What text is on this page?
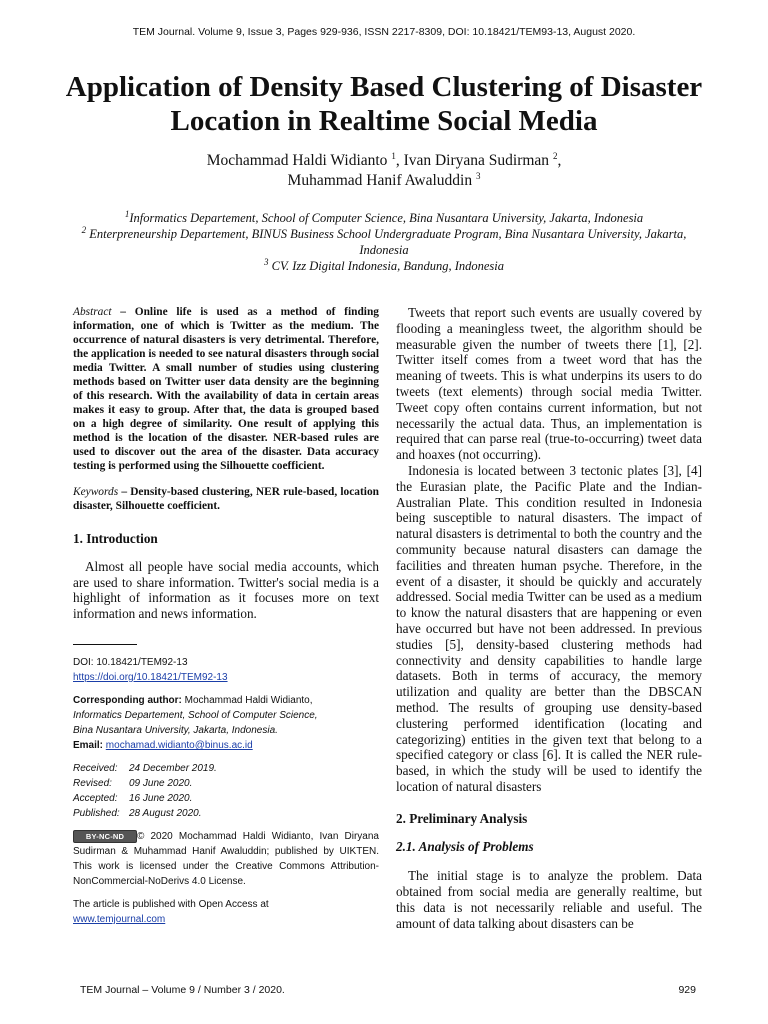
TEM Journal. Volume 9, Issue 3, Pages 929-936, ISSN 2217-8309, DOI: 10.18421/TEM93-13, August 2020.
Application of Density Based Clustering of Disaster Location in Realtime Social Media
Mochammad Haldi Widianto $^1$, Ivan Diryana Sudirman $^2$,
Muhammad Hanif Awaluddin $^3$

$^1$Informatics Departement, School of Computer Science, Bina Nusantara University, Jakarta, Indonesia

$^2$ Enterpreneurship Departement, BINUS Business School Undergraduate Program, Bina Nusantara University, Jakarta, Indonesia

$^3$ CV. Izz Digital Indonesia, Bandung, Indonesia

Abstract – Online life is used as a method of finding information, one of which is Twitter as the medium. The occurrence of natural disasters is very detrimental. Therefore, the application is needed to see natural disasters through social media Twitter. A small number of studies using clustering methods based on Twitter user data density are the beginning of this research. With the availability of data in certain areas makes it easy to group. After that, the data is grouped based on a high degree of similarity. One result of applying this method is the location of the disaster. NER-based rules are used to discover out the area of the disaster. Data accuracy testing is performed using the Silhouette coefficient.

Keywords – Density-based clustering, NER rule-based, location disaster, Silhouette coefficient.

1. Introduction

Almost all people have social media accounts, which are used to share information. Twitter's social media is a highlight of information as it focuses more on text information and news information.

DOI: 10.18421/TEM92-13

https://doi.org/10.18421/TEM92-13

Corresponding author: Mochammad Haldi Widianto,

Informatics Departement, School of Computer Science,

Bina Nusantara University, Jakarta, Indonesia.

Email: mochamad.widianto@binus.ac.id

Received: 24 December 2019.
Revised: 09 June 2020.
Accepted: 16 June 2020.
Published: 28 August 2020.

BY-NC-ND © 2020 Mochammad Haldi Widianto, Ivan Diryana Sudirman & Muhammad Hanif Awaluddin; published by UIKTEN. This work is licensed under the Creative Commons Attribution-NonCommercial-NoDerivs 4.0 License.

The article is published with Open Access at
www.temjournal.com

Tweets that report such events are usually covered by flooding a meaningless tweet, the algorithm should be measurable given the number of tweets there [1], [2]. Twitter itself comes from a tweet word that has the meaning of tweets. This is what underpins its users to do tweets (text elements) through social media Twitter. Tweet copy often contains current information, but not necessarily the actual data. Thus, an implementation is required that can parse real (true-to-occurring) tweet data and hoaxes (not occurring).

Indonesia is located between 3 tectonic plates [3], [4] the Eurasian plate, the Pacific Plate and the Indian-Australian Plate. This condition resulted in Indonesia being susceptible to natural disasters. The impact of natural disasters is detrimental to both the country and the community because natural disasters can damage the facilities and threaten human psyche. Therefore, in the event of a disaster, it should be quickly and accurately addressed. Social media Twitter can be used as a medium to know the natural disasters that are happening or even have occurred but have not been addressed. In previous studies [5], density-based clustering methods had connectivity and density capabilities to handle large datasets. Both in terms of accuracy, the memory utilization and quality are better than the DBSCAN method. The results of grouping use density-based clustering performed identification (locating and categorizing) entities in the given text that belong to a specified category or class [6]. It is called the NER rule-based, in which the study will be used to identify the location of natural disasters

2. Preliminary Analysis
2.1. Analysis of Problems

The initial stage is to analyze the problem. Data obtained from social media are generally realtime, but this data is not necessarily reliable and useful. The amount of data talking about disasters can be

TEM Journal – Volume 9 / Number 3 / 2020.	929
